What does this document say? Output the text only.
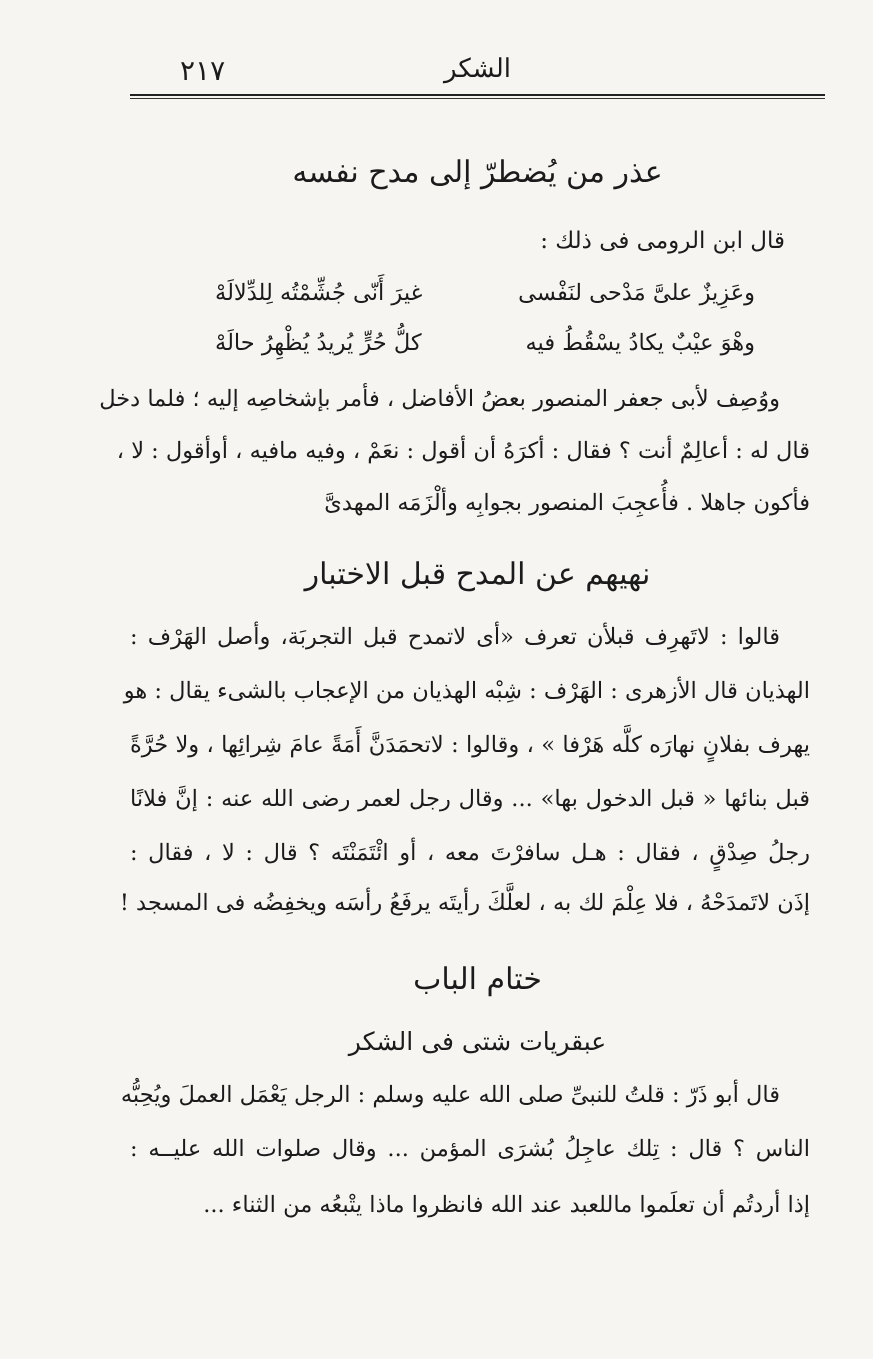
٢١٧	الشكر
عذر من يُضطرّ إلى مدح نفسه
قال ابن الرومى فى ذلك :
وعَزِيزٌ علىَّ مَدْحى لنَفْسى
غيرَ أَنّى جُشِّمْتُه لِلدِّلالَهْ
وهْوَ عيْبٌ يكادُ يسْقُطُ فيه
كلُّ حُرٍّ يُريدُ يُظْهِرُ حالَهْ
ووُصِف لأبى جعفر المنصور بعضُ الأفاضل ، فأمر بإشخاصِه إليه ؛ فلما دخل
قال له : أعالِمٌ أنت ؟ فقال : أكرَهُ أن أقول : نعَمْ ، وفيه مافيه ، أوأقول : لا ،
فأكون جاهلا . فأُعجِبَ المنصور بجوابِه وألْزَمَه المهدىَّ
نهيهم عن المدح قبل الاختبار
قالوا : لاتَهرِف قبلأن تعرف «أى لاتمدح قبل التجربَة، وأصل الهَرْف :
الهذيان قال الأزهرى : الهَرْف : شِبْه الهذيان من الإعجاب بالشىء يقال : هو
يهرف بفلانٍ نهارَه كلَّه هَرْفا » ، وقالوا : لاتحمَدَنَّ أَمَةً عامَ شِرائِها ، ولا حُرَّةً
قبل بنائها « قبل الدخول بها» ... وقال رجل لعمر رضى الله عنه : إنَّ فلانًا
رجلُ صِدْقٍ ، فقال : هـل سافرْتَ معه ، أو ائْتَمَنْتَه ؟ قال : لا ، فقال :
إذَن لاتَمدَحْهُ ، فلا عِلْمَ لك به ، لعلَّكَ رأيتَه يرفَعُ رأسَه ويخفِضُه فى المسجد !
ختام الباب
عبقريات شتى فى الشكر
قال أبو ذَرّ : قلتُ للنبىِّ صلى الله عليه وسلم : الرجل يَعْمَل العملَ ويُحِبُّه
الناس ؟ قال : تِلك عاجِلُ بُشرَى المؤمن ... وقال صلوات الله عليــه :
إذا أردتُم أن تعلَموا ماللعبد عند الله فانظروا ماذا يتْبعُه من الثناء ...
